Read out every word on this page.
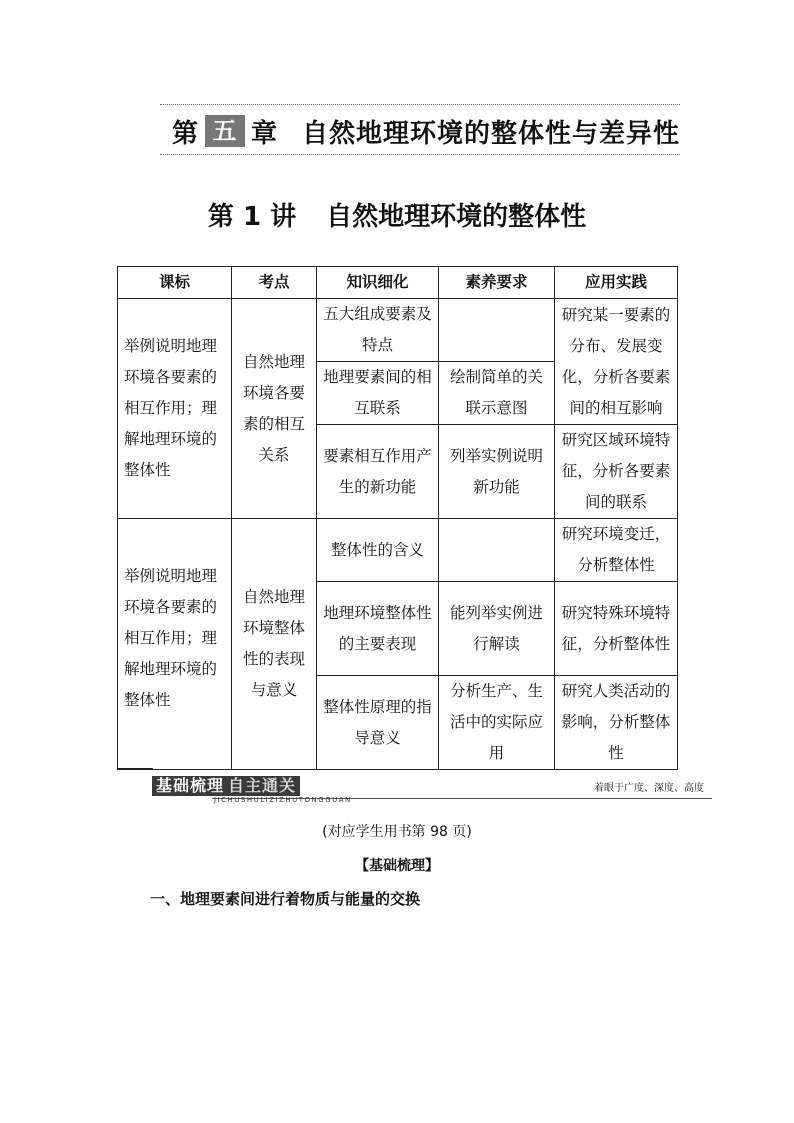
第 五 章 自然地理环境的整体性与差异性
第 1 讲 自然地理环境的整体性
课标	考点	知识细化	素养要求	应用实践
举例说明地理环境各要素的相互作用；理解地理环境的整体性	自然地理环境各要素的相互关系	五大组成要素及特点		研究某一要素的分布、发展变化，分析各要素间的相互影响
		地理要素间的相互联系	绘制简单的关联示意图	
		要素相互作用产生的新功能	列举实例说明新功能	研究区域环境特征，分析各要素间的联系
举例说明地理环境各要素的相互作用；理解地理环境的整体性	自然地理环境整体性的表现与意义	整体性的含义		研究环境变迁，分析整体性
		地理环境整体性的主要表现	能列举实例进行解读	研究特殊环境特征，分析整体性
		整体性原理的指导意义	分析生产、生活中的实际应用	研究人类活动的影响，分析整体性
基础梳理 自主通关
JICHUSHULIZIZHUTONGGUAN
着眼于广度、深度、高度
(对应学生用书第 98 页)
【基础梳理】
一、地理要素间进行着物质与能量的交换
